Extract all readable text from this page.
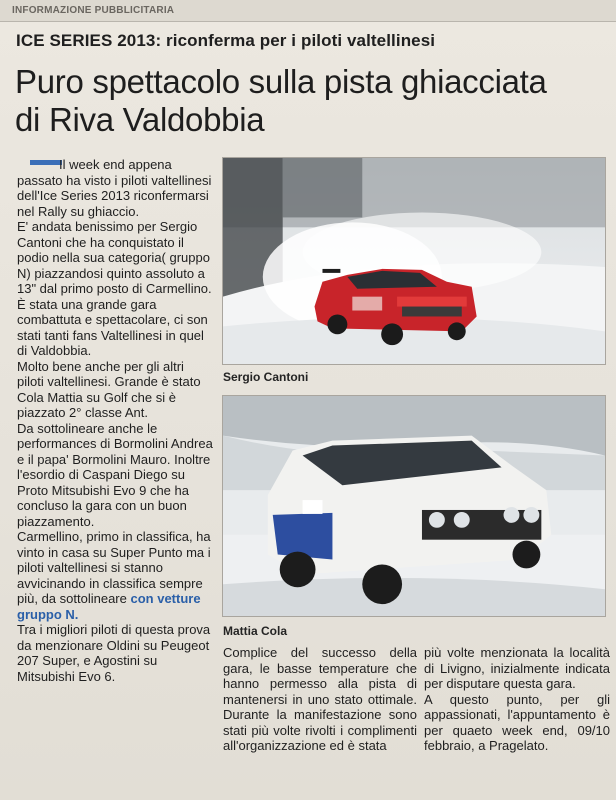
INFORMAZIONE PUBBLICITARIA
ICE SERIES 2013: riconferma per i piloti valtellinesi
Puro spettacolo sulla pista ghiacciata
di Riva Valdobbia

Il week end appena passato ha visto i piloti valtellinesi dell'Ice Series 2013 riconfermarsi nel Rally su ghiaccio.

E' andata benissimo per Sergio Cantoni che ha conquistato il podio nella sua categoria( gruppo N) piazzandosi quinto assoluto a 13" dal primo posto di Carmellino.

È stata una grande gara combattuta e spettacolare, ci son stati tanti fans Valtellinesi in quel di Valdobbia.

Molto bene anche per gli altri piloti valtellinesi. Grande è stato Cola Mattia su Golf che si è piazzato 2° classe Ant.

Da sottolineare anche le performances di Bormolini Andrea e il papa' Bormolini Mauro. Inoltre l'esordio di Caspani Diego su Proto Mitsubishi Evo 9 che ha concluso la gara con un buon piazzamento.

Carmellino, primo in classifica, ha vinto in casa su Super Punto ma i piloti valtellinesi si stanno avvicinando in classifica sempre più, da sottolineare con vetture gruppo N.

Tra i migliori piloti di questa prova da menzionare Oldini su Peugeot 207 Super, e Agostini su Mitsubishi Evo 6.

Sergio Cantoni
Mattia Cola

Complice del successo della gara, le basse temperature che hanno permesso alla pista di mantenersi in uno stato ottimale. Durante la manifestazione sono stati più volte rivolti i complimenti all'organizzazione ed è stata

più volte menzionata la località di Livigno, inizialmente indicata per disputare questa gara.

A questo punto, per gli appassionati, l'appuntamento è per quaeto week end, 09/10 febbraio, a Pragelato.
